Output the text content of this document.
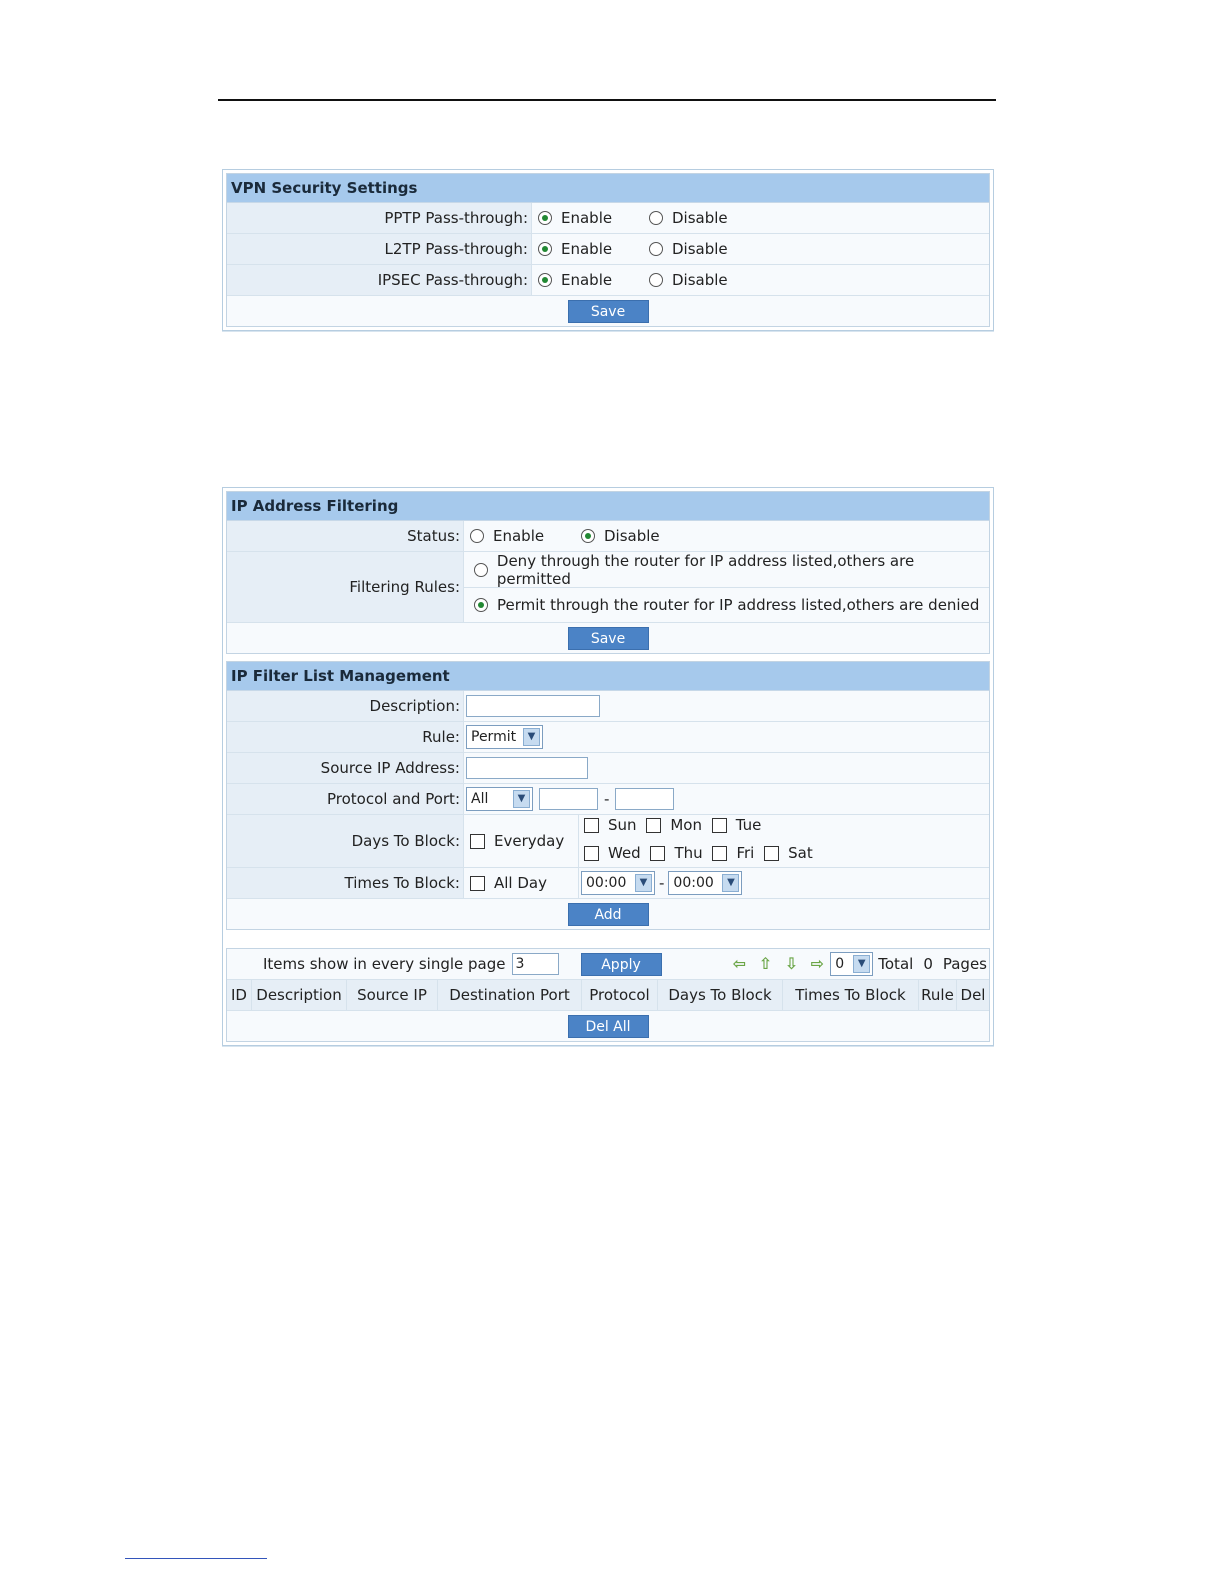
VPN Security Settings
PPTP Pass-through: Enable	Disable
L2TP Pass-through: Enable	Disable
IPSEC Pass-through: Enable	Disable
Save
IP Address Filtering
Status: Enable	Disable
Filtering Rules:
Deny through the router for IP address listed,others are permitted
Permit through the router for IP address listed,others are denied
Save
IP Filter List Management
Description:
Rule: Permit	▼
Source IP Address:
Protocol and Port: All	▼	-
Days To Block: Everyday
Sun
Mon
Tue
Wed
Thu
Fri
Sat
Times To Block: All Day	00:00	▼ - 00:00	▼
Add
Items show in every single page 3	Apply	⇦ ⇧ ⇩ ⇨ 0	▼ Total 0 Pages
ID Description	Source IP	Destination Port	Protocol	Days To Block	Times To Block	Rule Del
Del All
